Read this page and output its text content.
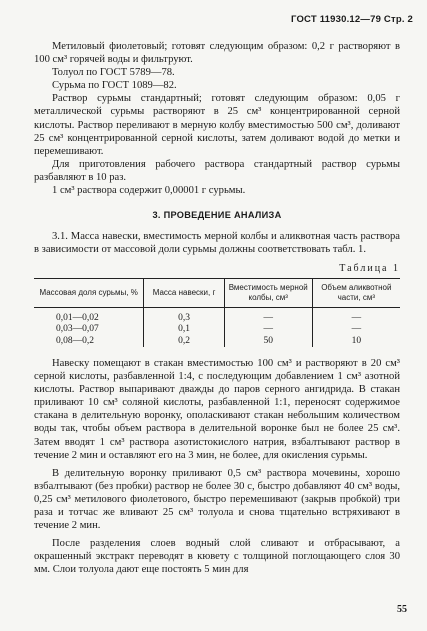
ГОСТ 11930.12—79 Стр. 2

Метиловый фиолетовый; готовят следующим образом: 0,2 г растворяют в 100 см³ горячей воды и фильтруют.

Толуол по ГОСТ 5789—78.

Сурьма по ГОСТ 1089—82.

Раствор сурьмы стандартный; готовят следующим образом: 0,05 г металлической сурьмы растворяют в 25 см³ концентрированной серной кислоты. Раствор переливают в мерную колбу вместимостью 500 см³, доливают 25 см³ концентрированной серной кислоты, затем доливают водой до метки и перемешивают.

Для приготовления рабочего раствора стандартный раствор сурьмы разбавляют в 10 раз.

1 см³ раствора содержит 0,00001 г сурьмы.

3. ПРОВЕДЕНИЕ АНАЛИЗА

3.1. Масса навески, вместимость мерной колбы и аликвотная часть раствора в зависимости от массовой доли сурьмы должны соответствовать табл. 1.

Таблица 1
Массовая доля сурьмы, %	Масса навески, г	Вместимость мерной колбы, см³	Объем аликвотной части, см³
0,01—0,02	0,3	—	—
0,03—0,07	0,1	—	—
0,08—0,2	0,2	50	10

Навеску помещают в стакан вместимостью 100 см³ и растворяют в 20 см³ серной кислоты, разбавленной 1:4, с последующим добавлением 1 см³ азотной кислоты. Раствор выпаривают дважды до паров серного ангидрида. В стакан приливают 10 см³ соляной кислоты, разбавленной 1:1, переносят содержимое стакана в делительную воронку, ополаскивают стакан небольшим количеством воды так, чтобы объем раствора в делительной воронке был не более 25 см³. Затем вводят 1 см³ раствора азотистокислого натрия, взбалтывают раствор в течение 2 мин и оставляют его на 3 мин, не более, для окисления сурьмы.

В делительную воронку приливают 0,5 см³ раствора мочевины, хорошо взбалтывают (без пробки) раствор не более 30 с, быстро добавляют 40 см³ воды, 0,25 см³ метилового фиолетового, быстро перемешивают (закрыв пробкой) три раза и тотчас же вливают 25 см³ толуола и снова тщательно встряхивают в течение 2 мин.

После разделения слоев водный слой сливают и отбрасывают, а окрашенный экстракт переводят в кювету с толщиной поглощающего слоя 30 мм. Слои толуола дают еще постоять 5 мин для

55
